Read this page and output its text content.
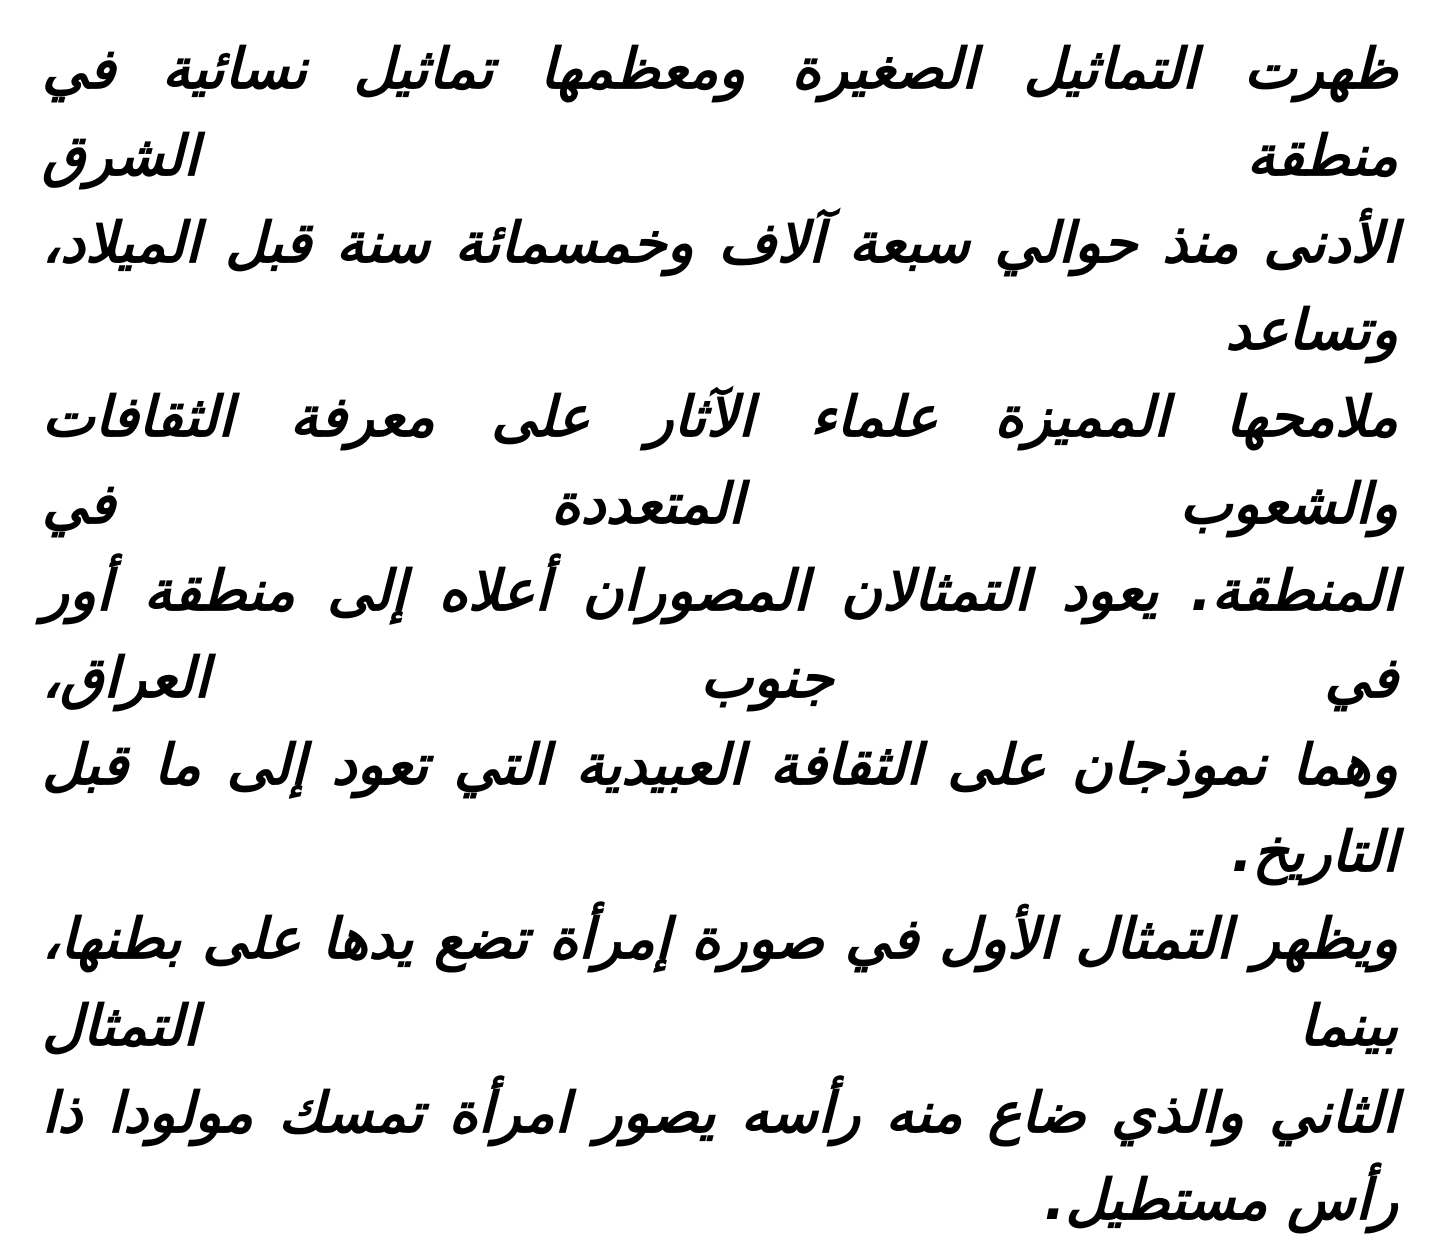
ظهرت التماثيل الصغيرة ومعظمها تماثيل نسائية في منطقة الشرق
الأدنى منذ حوالي سبعة آلاف وخمسمائة سنة قبل الميلاد، وتساعد
ملامحها المميزة علماء الآثار على معرفة الثقافات والشعوب المتعددة في
المنطقة. يعود التمثالان المصوران أعلاه إلى منطقة أور في جنوب العراق،
وهما نموذجان على الثقافة العبيدية التي تعود إلى ما قبل التاريخ.
ويظهر التمثال الأول في صورة إمرأة تضع يدها على بطنها، بينما التمثال
الثاني والذي ضاع منه رأسه يصور امرأة تمسك مولودا ذا رأس مستطيل.
